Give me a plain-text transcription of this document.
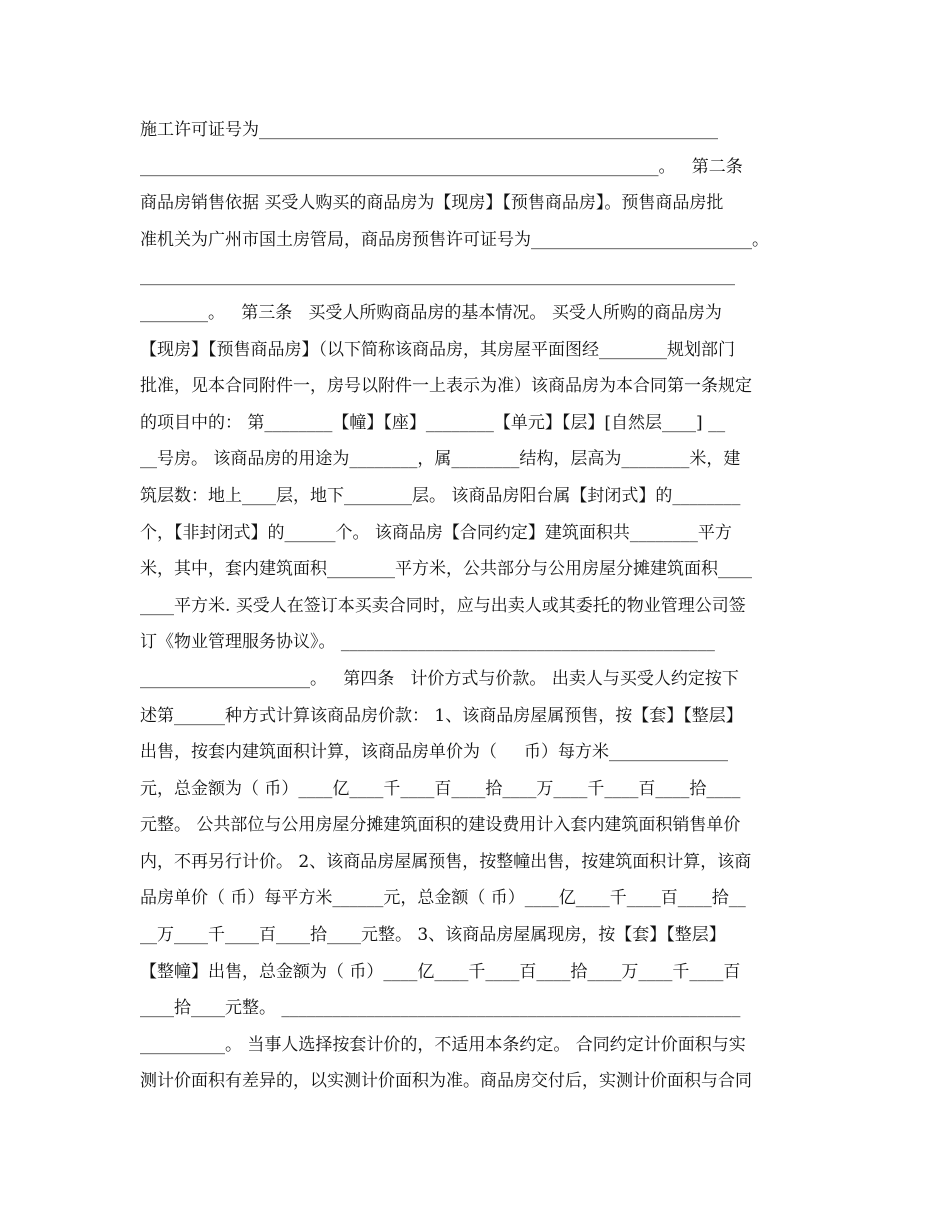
施工许可证号为______________________________________________________
_____________________________________________________________。   第二条
商品房销售依据 买受人购买的商品房为【现房】【预售商品房】。预售商品房批
准机关为广州市国土房管局，商品房预售许可证号为__________________________。
______________________________________________________________________
________。   第三条   买受人所购商品房的基本情况。 买受人所购的商品房为
【现房】【预售商品房】（以下简称该商品房，其房屋平面图经________规划部门
批准，见本合同附件一，房号以附件一上表示为准）该商品房为本合同第一条规定
的项目中的： 第________【幢】【座】________【单元】【层】[自然层____] __
__号房。 该商品房的用途为________，属________结构，层高为________米，建
筑层数：地上____层，地下________层。 该商品房阳台属【封闭式】的________
个，【非封闭式】的______个。 该商品房【合同约定】建筑面积共________平方
米，其中，套内建筑面积________平方米，公共部分与公用房屋分摊建筑面积____
____平方米. 买受人在签订本买卖合同时，应与出卖人或其委托的物业管理公司签
订《物业管理服务协议》。 ____________________________________________
____________________。   第四条   计价方式与价款。 出卖人与买受人约定按下
述第______种方式计算该商品房价款： 1、该商品房屋属预售，按【套】【整层】
出售，按套内建筑面积计算，该商品房单价为（     币）每方米______________
元，总金额为（ 币）____亿____千____百____拾____万____千____百____拾____
元整。 公共部位与公用房屋分摊建筑面积的建设费用计入套内建筑面积销售单价
内，不再另行计价。 2、该商品房屋属预售，按整幢出售，按建筑面积计算，该商
品房单价（ 币）每平方米______元，总金额（ 币）____亿____千____百____拾__
__万____千____百____拾____元整。 3、该商品房屋属现房，按【套】【整层】
【整幢】出售，总金额为（ 币）____亿____千____百____拾____万____千____百
____拾____元整。 ______________________________________________________
__________。 当事人选择按套计价的，不适用本条约定。 合同约定计价面积与实
测计价面积有差异的，以实测计价面积为准。商品房交付后，实测计价面积与合同
